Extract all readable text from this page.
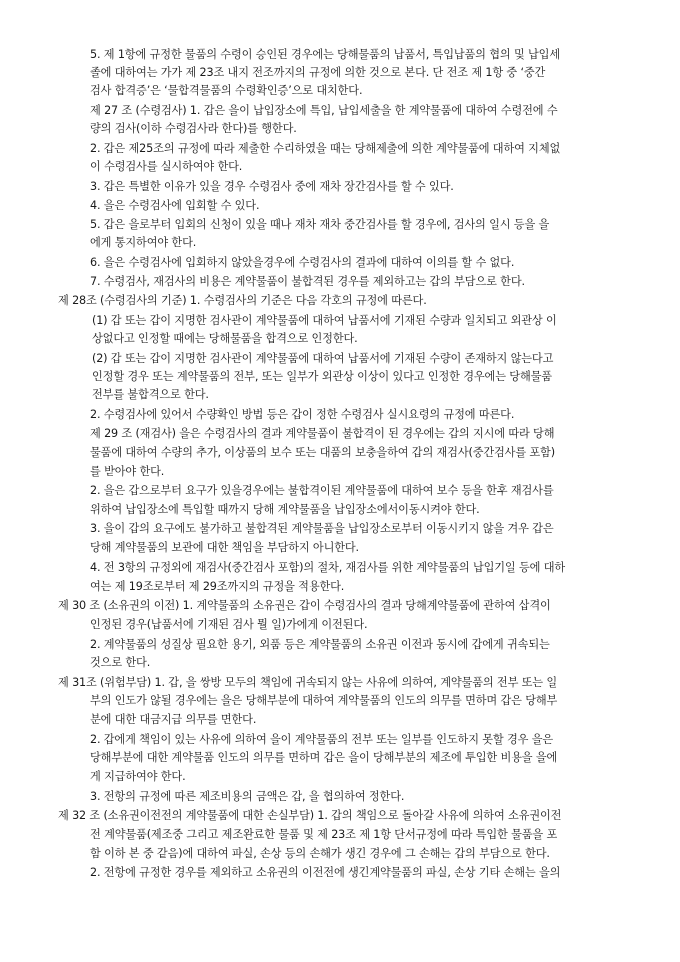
5. 제 1항에 규정한 물품의 수령이 승인된 경우에는 당해물품의 납품서, 특입납품의 협의 및 납입세
졸에 대하여는 가가 제 23조 내지 전조까지의 규정에 의한 것으로 본다. 단 전조 제 1항 중 ‘중간
검사 합격증’은 ‘물합격물품의 수령확인증’으로 대치한다.
제 27 조 (수령검사) 1. 갑은 을이 납입장소에 특입, 납입세출을 한 계약물품에 대하여 수령전에 수
량의 검사(이하 수령검사라 한다)를 행한다.
2. 갑은 제25조의 규정에 따라 제출한 수리하였을 때는 당해제출에 의한 계약물품에 대하여 지체없
이 수령검사를 실시하여야 한다.
3. 갑은 특별한 이유가 있을 경우 수령검사 중에 재차 장간검사를 할 수 있다.
4. 을은 수령검사에 입회할 수 있다.
5. 갑은 을로부터 입회의 신청이 있을 때나 재차 재차 중간검사를 할 경우에, 검사의 일시 등을 을
에게 통지하여야 한다.
6. 을은 수령검사에 입회하지 않았을경우에 수령검사의 결과에 대하여 이의를 할 수 없다.
7. 수령검사, 재검사의 비용은 계약물품이 불합격된 경우를 제외하고는 갑의 부담으로 한다.
제 28조 (수령검사의 기준) 1. 수령검사의 기준은 다음 각호의 규정에 따른다.
(1) 갑 또는 갑이 지명한 검사관이 계약물품에 대하여 납품서에 기재된 수량과 일치되고 외관상 이
상없다고 인정할 때에는 당해물품을 합격으로 인정한다.
(2) 갑 또는 갑이 지명한 검사관이 계약물품에 대하여 납품서에 기재된 수량이 존재하지 않는다고
인정할 경우 또는 계약물품의 전부, 또는 일부가 외관상 이상이 있다고 인정한 경우에는 당해물품
전부를 불합격으로 한다.
2. 수령검사에 있어서 수량확인 방법 등은 갑이 정한 수령검사 실시요령의 규정에 따른다.
제 29 조 (재검사) 을은 수령검사의 결과 계약물품이 불합격이 된 경우에는 갑의 지시에 따라 당해
물품에 대하여 수량의 추가, 이상품의 보수 또는 대품의 보충을하여 갑의 재검사(중간검사를 포함)
를 받아야 한다.
2. 을은 갑으로부터 요구가 있을경우에는 불합격이된 계약물품에 대하여 보수 등을 한후 재검사를
위하여 납입장소에 특입할 때까지 당해 계약물품을 납입장소에서이동시켜야 한다.
3. 을이 갑의 요구에도 불가하고 불합격된 계약물품을 납입장소로부터 이동시키지 않을 겨우 갑은
당해 계약물품의 보관에 대한 책임을 부담하지 아니한다.
4. 전 3항의 규정외에 재검사(중간검사 포함)의 절차, 재검사를 위한 계약물품의 납입기일 등에 대하
여는 제 19조로부터 제 29조까지의 규정을 적용한다.
제 30 조 (소유권의 이전) 1. 계약물품의 소유권은 갑이 수령검사의 결과 당해계약물품에 관하여 삽격이
인정된 경우(납품서에 기재된 검사 뭘 일)가에게 이전된다.
2. 계약물품의 성질상 필요한 용기, 외품 등은 계약물품의 소유권 이전과 동시에 갑에게 귀속되는
것으로 한다.
제 31조 (위험부담) 1. 갑, 을 쌍방 모두의 책임에 귀속되지 않는 사유에 의하여, 계약물품의 전부 또는 일
부의 인도가 않될 경우에는 을은 당해부분에 대하여 계약물품의 인도의 의무를 면하며 갑은 당해부
분에 대한 대금지급 의무를 면한다.
2. 갑에게 책임이 있는 사유에 의하여 을이 계약물품의 전부 또는 일부를 인도하지 못할 경우 을은
당해부분에 대한 계약물품 인도의 의무를 면하며 갑은 을이 당해부분의 제조에 투입한 비용을 을에
게 지급하여야 한다.
3. 전항의 규정에 따른 제조비용의 금액은 갑, 을 협의하여 정한다.
제 32 조 (소유권이전전의 계약물품에 대한 손실부담) 1. 갑의 책임으로 돌아갈 사유에 의하여 소유권이전
전 계약물품(제조중 그리고 제조완료한 물품 및 제 23조 제 1항 단서규정에 따라 특입한 물품을 포
함 이하 본 중 같음)에 대하여 파실, 손상 등의 손해가 생긴 경우에 그 손해는 갑의 부담으로 한다.
2. 전항에 규정한 경우를 제외하고 소유권의 이전전에 생긴계약물품의 파실, 손상 기타 손해는 을의
